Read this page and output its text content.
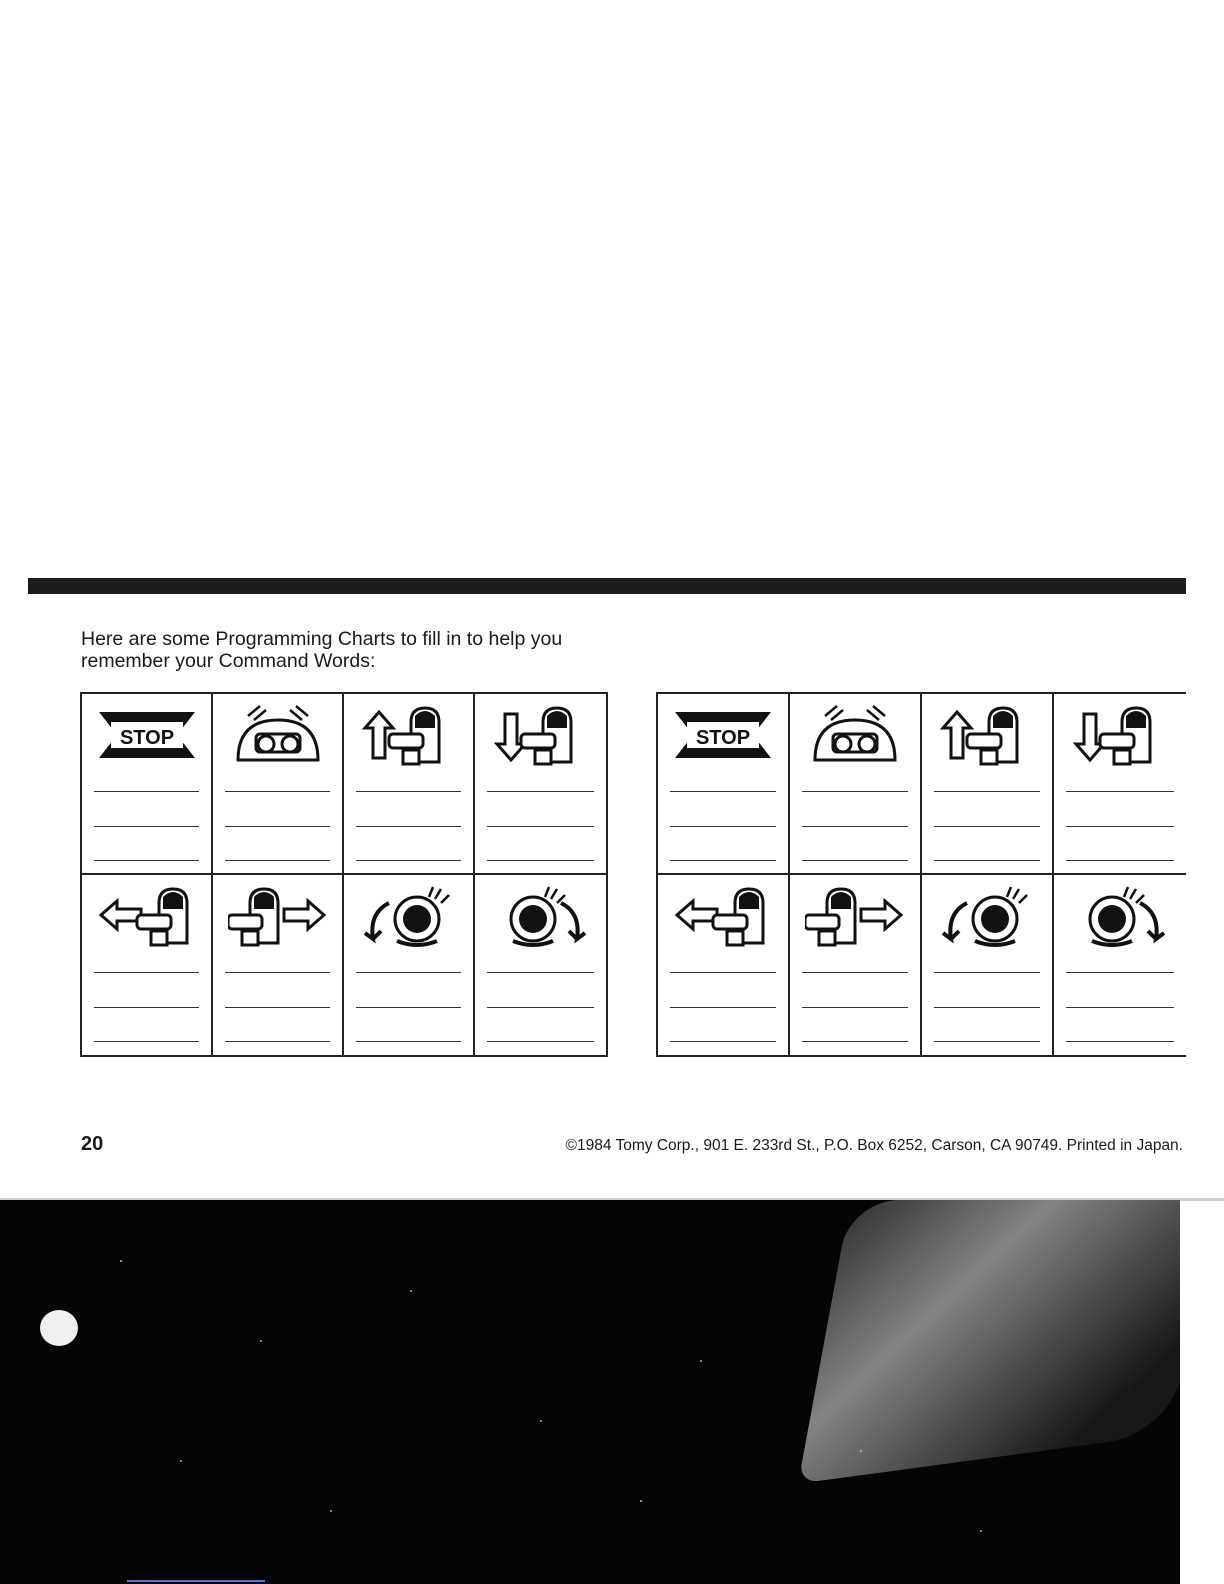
Here are some Programming Charts to fill in to help you
remember your Command Words:
STOP	STOP
20	©1984 Tomy Corp., 901 E. 233rd St., P.O. Box 6252, Carson, CA 90749. Printed in Japan.
